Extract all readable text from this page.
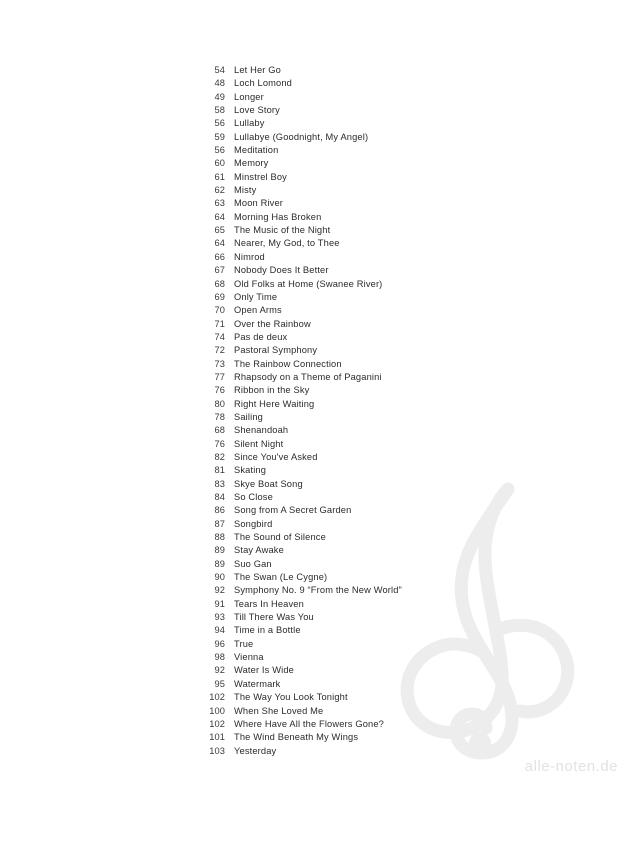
alle-noten.de
54 Let Her Go
48 Loch Lomond
49 Longer
58 Love Story
56 Lullaby
59 Lullabye (Goodnight, My Angel)
56 Meditation
60 Memory
61 Minstrel Boy
62 Misty
63 Moon River
64 Morning Has Broken
65 The Music of the Night
64 Nearer, My God, to Thee
66 Nimrod
67 Nobody Does It Better
68 Old Folks at Home (Swanee River)
69 Only Time
70 Open Arms
71 Over the Rainbow
74 Pas de deux
72 Pastoral Symphony
73 The Rainbow Connection
77 Rhapsody on a Theme of Paganini
76 Ribbon in the Sky
80 Right Here Waiting
78 Sailing
68 Shenandoah
76 Silent Night
82 Since You've Asked
81 Skating
83 Skye Boat Song
84 So Close
86 Song from A Secret Garden
87 Songbird
88 The Sound of Silence
89 Stay Awake
89 Suo Gan
90 The Swan (Le Cygne)
92 Symphony No. 9 “From the New World”
91 Tears In Heaven
93 Till There Was You
94 Time in a Bottle
96 True
98 Vienna
92 Water Is Wide
95 Watermark
102 The Way You Look Tonight
100 When She Loved Me
102 Where Have All the Flowers Gone?
101 The Wind Beneath My Wings
103 Yesterday
